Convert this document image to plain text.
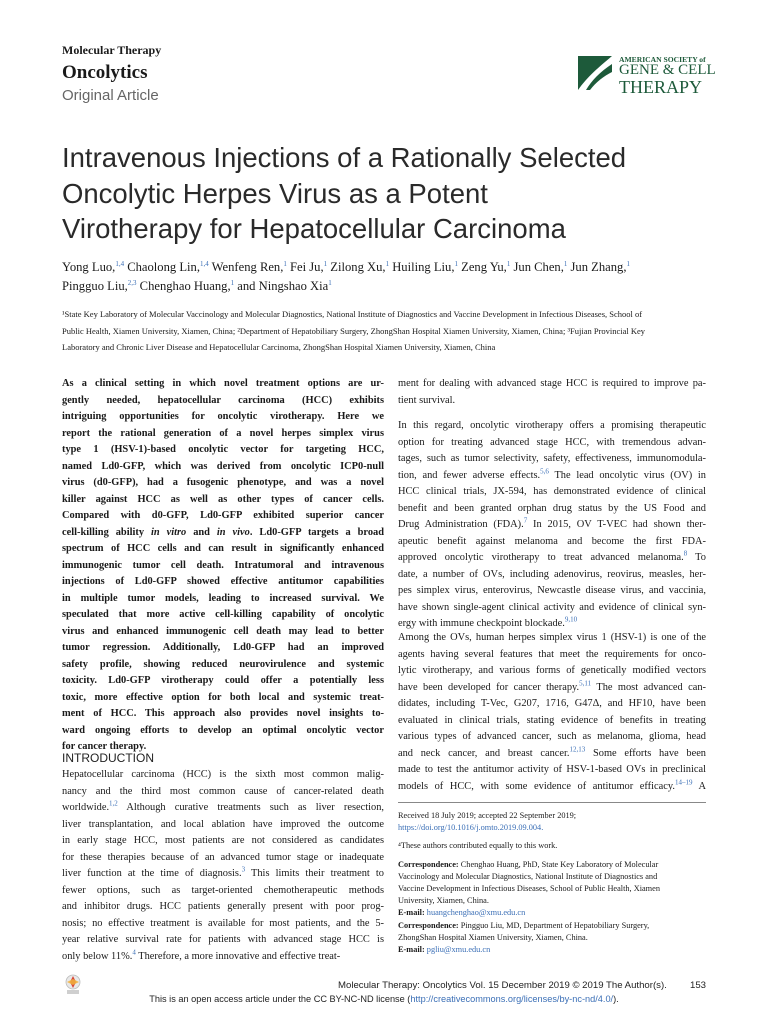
Molecular Therapy
Oncolytics
Original Article
AMERICAN SOCIETY of
GENE & CELL
THERAPY
Intravenous Injections of a Rationally Selected
Oncolytic Herpes Virus as a Potent
Virotherapy for Hepatocellular Carcinoma
Yong Luo,$^{1,4}$ Chaolong Lin,$^{1,4}$ Wenfeng Ren,$^1$ Fei Ju,$^1$ Zilong Xu,$^1$ Huiling Liu,$^1$ Zeng Yu,$^1$ Jun Chen,$^1$ Jun Zhang,$^1$
Pingguo Liu,$^{2,3}$ Chenghao Huang,$^1$ and Ningshao Xia$^1$
¹State Key Laboratory of Molecular Vaccinology and Molecular Diagnostics, National Institute of Diagnostics and Vaccine Development in Infectious Diseases, School of
Public Health, Xiamen University, Xiamen, China; ²Department of Hepatobiliary Surgery, ZhongShan Hospital Xiamen University, Xiamen, China; ³Fujian Provincial Key
Laboratory and Chronic Liver Disease and Hepatocellular Carcinoma, ZhongShan Hospital Xiamen University, Xiamen, China
As a clinical setting in which novel treatment options are ur-
gently needed, hepatocellular carcinoma (HCC) exhibits
intriguing opportunities for oncolytic virotherapy. Here we
report the rational generation of a novel herpes simplex virus
type 1 (HSV-1)-based oncolytic vector for targeting HCC,
named Ld0-GFP, which was derived from oncolytic ICP0-null
virus (d0-GFP), had a fusogenic phenotype, and was a novel
killer against HCC as well as other types of cancer cells.
Compared with d0-GFP, Ld0-GFP exhibited superior cancer
cell-killing ability in vitro and in vivo. Ld0-GFP targets a broad
spectrum of HCC cells and can result in significantly enhanced
immunogenic tumor cell death. Intratumoral and intravenous
injections of Ld0-GFP showed effective antitumor capabilities
in multiple tumor models, leading to increased survival. We
speculated that more active cell-killing capability of oncolytic
virus and enhanced immunogenic cell death may lead to better
tumor regression. Additionally, Ld0-GFP had an improved
safety profile, showing reduced neurovirulence and systemic
toxicity. Ld0-GFP virotherapy could offer a potentially less
toxic, more effective option for both local and systemic treat-
ment of HCC. This approach also provides novel insights to-
ward ongoing efforts to develop an optimal oncolytic vector
for cancer therapy.
INTRODUCTION
Hepatocellular carcinoma (HCC) is the sixth most common malig-
nancy and the third most common cause of cancer-related death
worldwide.$^{1,2}$ Although curative treatments such as liver resection,
liver transplantation, and local ablation have improved the outcome
in early stage HCC, most patients are not considered as candidates
for these therapies because of an advanced tumor stage or inadequate
liver function at the time of diagnosis.$^3$ This limits their treatment to
fewer options, such as target-oriented chemotherapeutic methods
and inhibitor drugs. HCC patients generally present with poor prog-
nosis; no effective treatment is available for most patients, and the 5-
year relative survival rate for patients with advanced stage HCC is
only below 11%.$^4$ Therefore, a more innovative and effective treat-
ment for dealing with advanced stage HCC is required to improve pa-
tient survival.
In this regard, oncolytic virotherapy offers a promising therapeutic
option for treating advanced stage HCC, with tremendous advan-
tages, such as tumor selectivity, safety, effectiveness, immunomodula-
tion, and fewer adverse effects.$^{5,6}$ The lead oncolytic virus (OV) in
HCC clinical trials, JX-594, has demonstrated evidence of clinical
benefit and been granted orphan drug status by the US Food and
Drug Administration (FDA).$^7$ In 2015, OV T-VEC had shown ther-
apeutic benefit against melanoma and become the first FDA-
approved oncolytic virotherapy to treat advanced melanoma.$^8$ To
date, a number of OVs, including adenovirus, reovirus, measles, her-
pes simplex virus, enterovirus, Newcastle disease virus, and vaccinia,
have shown single-agent clinical activity and evidence of clinical syn-
ergy with immune checkpoint blockade.$^{9,10}$
Among the OVs, human herpes simplex virus 1 (HSV-1) is one of the
agents having several features that meet the requirements for onco-
lytic virotherapy, and various forms of genetically modified vectors
have been developed for cancer therapy.$^{5,11}$ The most advanced can-
didates, including T-Vec, G207, 1716, G47Δ, and HF10, have been
evaluated in clinical trials, stating evidence of benefits in treating
various types of advanced cancer, such as melanoma, glioma, head
and neck cancer, and breast cancer.$^{12,13}$ Some efforts have been
made to test the antitumor activity of HSV-1-based OVs in preclinical
models of HCC, with some evidence of antitumor efficacy.$^{14-19}$ A
Received 18 July 2019; accepted 22 September 2019;
https://doi.org/10.1016/j.omto.2019.09.004.
⁴These authors contributed equally to this work.
Correspondence: Chenghao Huang, PhD, State Key Laboratory of Molecular
Vaccinology and Molecular Diagnostics, National Institute of Diagnostics and
Vaccine Development in Infectious Diseases, School of Public Health, Xiamen
University, Xiamen, China.
E-mail: huangchenghao@xmu.edu.cn
Correspondence: Pingguo Liu, MD, Department of Hepatobiliary Surgery,
ZhongShan Hospital Xiamen University, Xiamen, China.
E-mail: pgliu@xmu.edu.cn
Molecular Therapy: Oncolytics Vol. 15 December 2019 © 2019 The Author(s). 153
This is an open access article under the CC BY-NC-ND license (http://creativecommons.org/licenses/by-nc-nd/4.0/).
